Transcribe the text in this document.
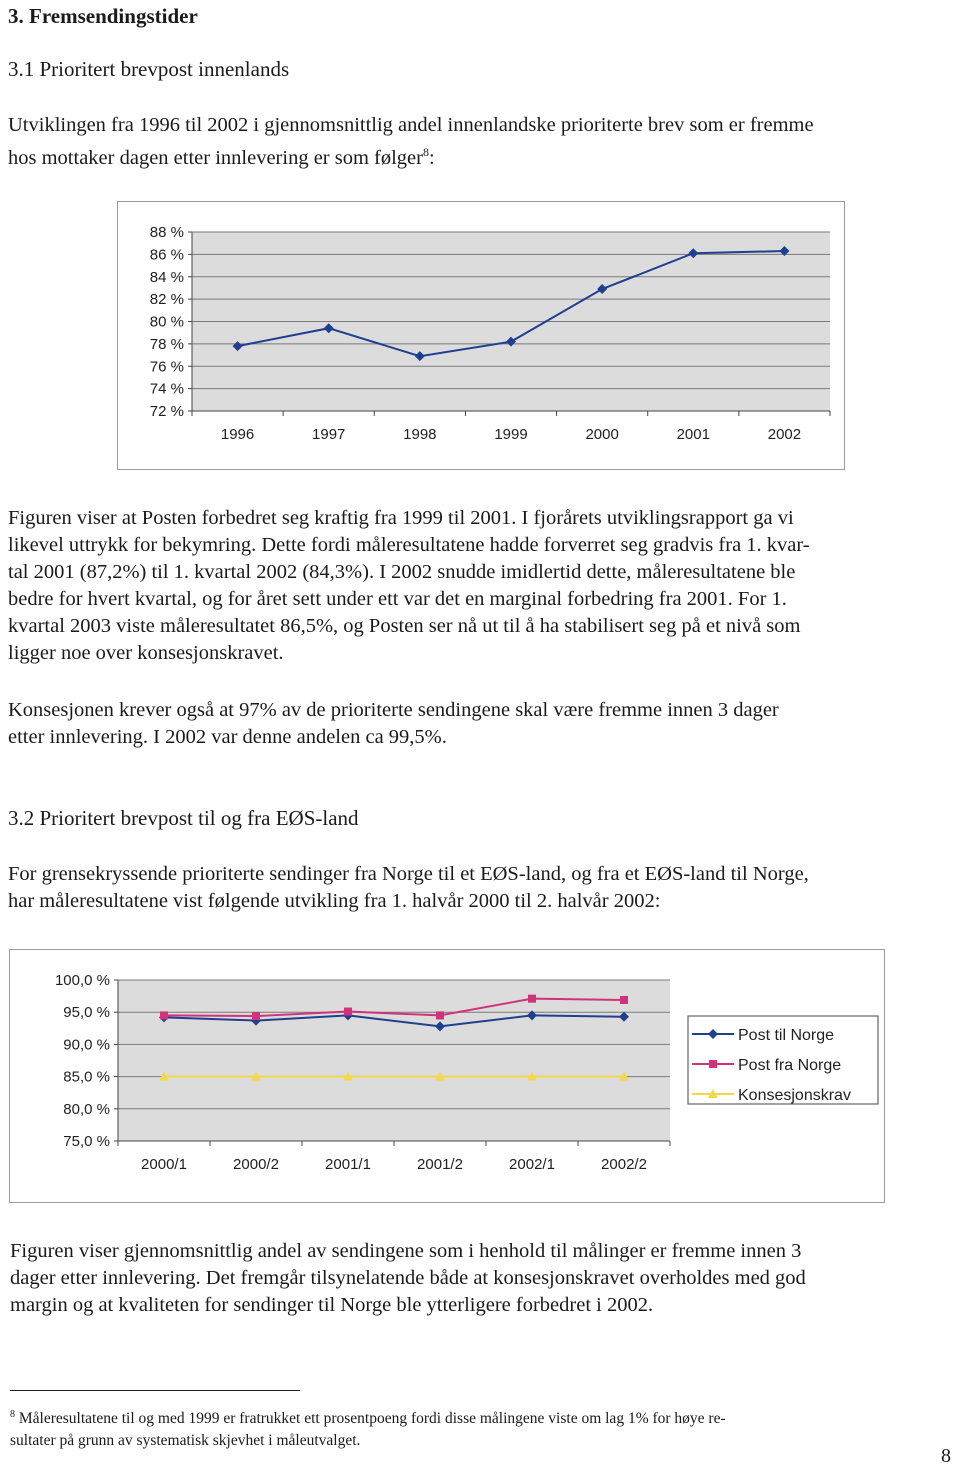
3. Fremsendingstider

3.1 Prioritert brevpost innenlands

Utviklingen fra 1996 til 2002 i gjennomsnittlig andel innenlandske prioriterte brev som er fremme

hos mottaker dagen etter innlevering er som følger$^8$:

88 %
86 %
84 %
82 %
80 %
78 %
76 %
74 %
72 %
1996	1997	1998	1999	2000	2001	2002

Figuren viser at Posten forbedret seg kraftig fra 1999 til 2001. I fjorårets utviklingsrapport ga vi

likevel uttrykk for bekymring. Dette fordi måleresultatene hadde forverret seg gradvis fra 1. kvar-

tal 2001 (87,2%) til 1. kvartal 2002 (84,3%). I 2002 snudde imidlertid dette, måleresultatene ble

bedre for hvert kvartal, og for året sett under ett var det en marginal forbedring fra 2001. For 1.

kvartal 2003 viste måleresultatet 86,5%, og Posten ser nå ut til å ha stabilisert seg på et nivå som

ligger noe over konsesjonskravet.

Konsesjonen krever også at 97% av de prioriterte sendingene skal være fremme innen 3 dager

etter innlevering. I 2002 var denne andelen ca 99,5%.

3.2 Prioritert brevpost til og fra EØS-land

For grensekryssende prioriterte sendinger fra Norge til et EØS-land, og fra et EØS-land til Norge,

har måleresultatene vist følgende utvikling fra 1. halvår 2000 til 2. halvår 2002:

100,0 %
95,0 %
90,0 %
85,0 %
80,0 %
75,0 %
2000/1	2000/2	2001/1	2001/2	2002/1	2002/2
Post til Norge
Post fra Norge
Konsesjonskrav

Figuren viser gjennomsnittlig andel av sendingene som i henhold til målinger er fremme innen 3

dager etter innlevering. Det fremgår tilsynelatende både at konsesjonskravet overholdes med god

margin og at kvaliteten for sendinger til Norge ble ytterligere forbedret i 2002.

$^8$ Måleresultatene til og med 1999 er fratrukket ett prosentpoeng fordi disse målingene viste om lag 1% for høye re-
sultater på grunn av systematisk skjevhet i måleutvalget.
8
